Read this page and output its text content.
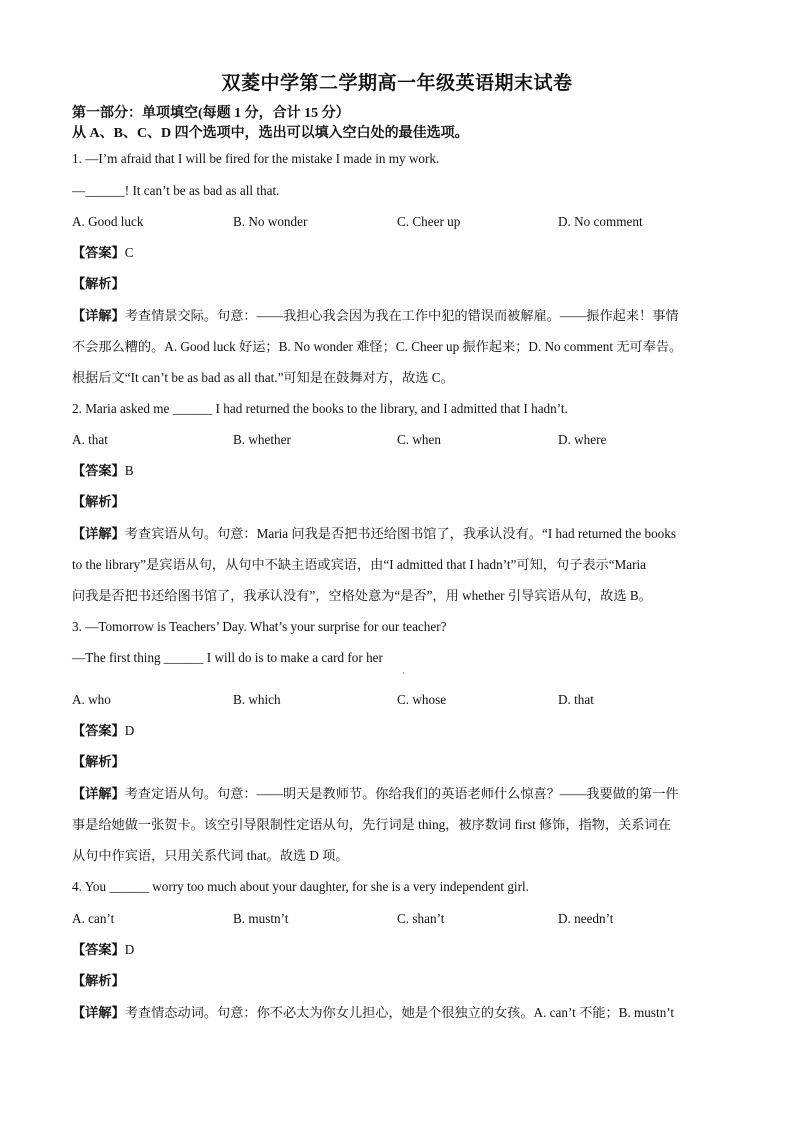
双菱中学第二学期高一年级英语期末试卷
第一部分：单项填空(每题 1 分，合计 15 分）
从 A、B、C、D 四个选项中，选出可以填入空白处的最佳选项。
1. —I’m afraid that I will be fired for the mistake I made in my work.
—______! It can’t be as bad as all that.
A. Good luck	B. No wonder	C. Cheer up	D. No comment
【答案】C
【解析】
【详解】考查情景交际。句意：——我担心我会因为我在工作中犯的错误而被解雇。——振作起来！事情
不会那么糟的。A. Good luck 好运；B. No wonder 难怪；C. Cheer up 振作起来；D. No comment 无可奉告。
根据后文“It can’t be as bad as all that.”可知是在鼓舞对方，故选 C。
2. Maria asked me ______ I had returned the books to the library, and I admitted that I hadn’t.
A. that	B. whether	C. when	D. where
【答案】B
【解析】
【详解】考查宾语从句。句意：Maria 问我是否把书还给图书馆了，我承认没有。“I had returned the books
to the library”是宾语从句，从句中不缺主语或宾语，由“I admitted that I hadn’t”可知，句子表示“Maria
问我是否把书还给图书馆了，我承认没有”，空格处意为“是否”，用 whether 引导宾语从句，故选 B。
3. —Tomorrow is Teachers’ Day. What’s your surprise for our teacher?
—The first thing ______ I will do is to make a card for her
·
A. who	B. which	C. whose	D. that
【答案】D
【解析】
【详解】考查定语从句。句意：——明天是教师节。你给我们的英语老师什么惊喜？——我要做的第一件
事是给她做一张贺卡。该空引导限制性定语从句，先行词是 thing，被序数词 first 修饰，指物，关系词在
从句中作宾语，只用关系代词 that。故选 D 项。
4. You ______ worry too much about your daughter, for she is a very independent girl.
A. can’t	B. mustn’t	C. shan’t	D. needn’t
【答案】D
【解析】
【详解】考查情态动词。句意：你不必太为你女儿担心，她是个很独立的女孩。A. can’t 不能；B. mustn’t
